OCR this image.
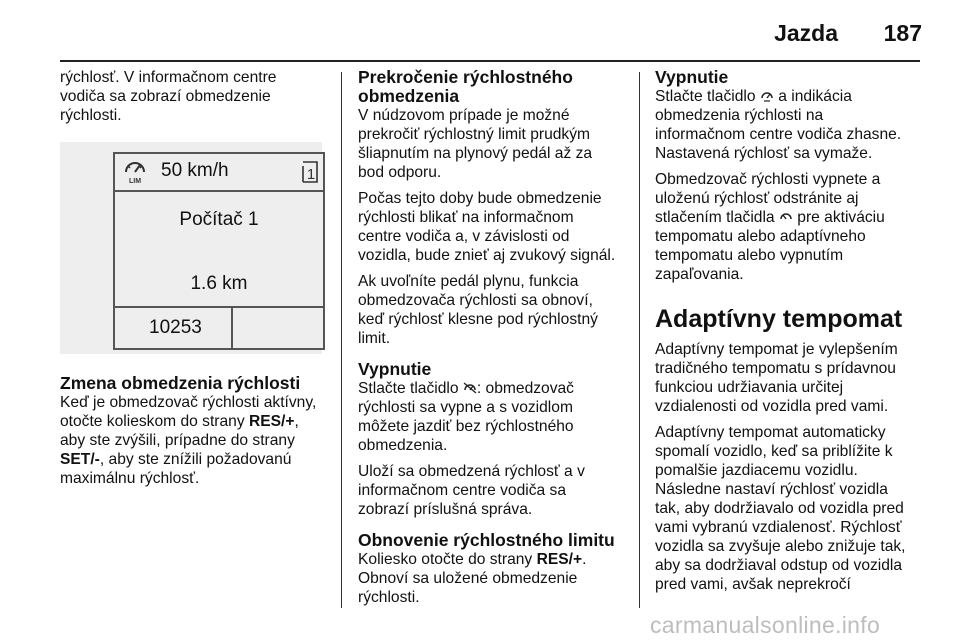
Jazda 187

rýchlosť. V informačnom centre
vodiča sa zobrazí obmedzenie
rýchlosti.

LIM
50 km/h	1
Počítač 1
1.6 km
10253
Zmena obmedzenia rýchlosti

Keď je obmedzovač rýchlosti aktívny,
otočte kolieskom do strany RES/+,
aby ste zvýšili, prípadne do strany
SET/-, aby ste znížili požadovanú
maximálnu rýchlosť.

Prekročenie rýchlostného
obmedzenia

V núdzovom prípade je možné
prekročiť rýchlostný limit prudkým
šliapnutím na plynový pedál až za
bod odporu.

Počas tejto doby bude obmedzenie
rýchlosti blikať na informačnom
centre vodiča a, v závislosti od
vozidla, bude znieť aj zvukový signál.

Ak uvoľníte pedál plynu, funkcia
obmedzovača rýchlosti sa obnoví,
keď rýchlosť klesne pod rýchlostný
limit.

Vypnutie

Stlačte tlačidlo : obmedzovač
rýchlosti sa vypne a s vozidlom
môžete jazdiť bez rýchlostného
obmedzenia.

Uloží sa obmedzená rýchlosť a v
informačnom centre vodiča sa
zobrazí príslušná správa.

Obnovenie rýchlostného limitu

Koliesko otočte do strany RES/+.
Obnoví sa uložené obmedzenie
rýchlosti.

Vypnutie

Stlačte tlačidlo  a indikácia
obmedzenia rýchlosti na
informačnom centre vodiča zhasne.
Nastavená rýchlosť sa vymaže.

Obmedzovač rýchlosti vypnete a
uloženú rýchlosť odstránite aj
stlačením tlačidla  pre aktiváciu
tempomatu alebo adaptívneho
tempomatu alebo vypnutím
zapaľovania.

Adaptívny tempomat

Adaptívny tempomat je vylepšením
tradičného tempomatu s prídavnou
funkciou udržiavania určitej
vzdialenosti od vozidla pred vami.

Adaptívny tempomat automaticky
spomalí vozidlo, keď sa priblížite k
pomalšie jazdiacemu vozidlu.
Následne nastaví rýchlosť vozidla
tak, aby dodržiavalo od vozidla pred
vami vybranú vzdialenosť. Rýchlosť
vozidla sa zvyšuje alebo znižuje tak,
aby sa dodržiaval odstup od vozidla
pred vami, avšak neprekročí

carmanualsonline.info
